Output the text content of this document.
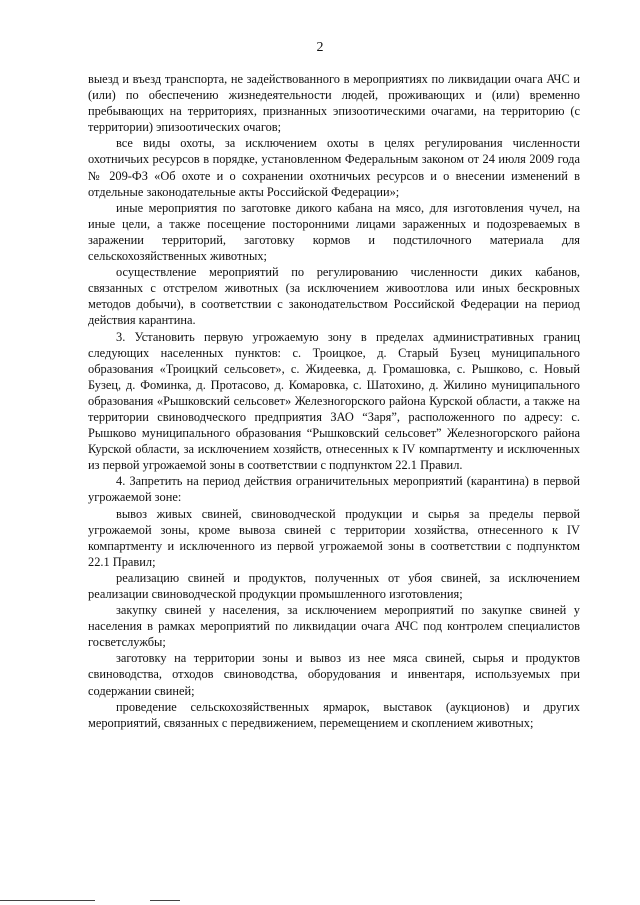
2

выезд и въезд транспорта, не задействованного в мероприятиях по ликвидации очага АЧС и (или) по обеспечению жизнедеятельности людей, проживающих и (или) временно пребывающих на территориях, признанных эпизоотическими очагами, на территорию (с территории) эпизоотических очагов;

все виды охоты, за исключением охоты в целях регулирования численности охотничьих ресурсов в порядке, установленном Федеральным законом от 24 июля 2009 года № 209-ФЗ «Об охоте и о сохранении охотничьих ресурсов и о внесении изменений в отдельные законодательные акты Российской Федерации»;

иные мероприятия по заготовке дикого кабана на мясо, для изготовления чучел, на иные цели, а также посещение посторонними лицами зараженных и подозреваемых в заражении территорий, заготовку кормов и подстилочного материала для сельскохозяйственных животных;

осуществление мероприятий по регулированию численности диких кабанов, связанных с отстрелом животных (за исключением живоотлова или иных бескровных методов добычи), в соответствии с законодательством Российской Федерации на период действия карантина.

3. Установить первую угрожаемую зону в пределах административных границ следующих населенных пунктов: с. Троицкое, д. Старый Бузец муниципального образования «Троицкий сельсовет», с. Жидеевка, д. Громашовка, с. Рышково, с. Новый Бузец, д. Фоминка, д. Протасово, д. Комаровка, с. Шатохино, д. Жилино муниципального образования «Рышковский сельсовет» Железногорского района Курской области, а также на территории свиноводческого предприятия ЗАО “Заря”, расположенного по адресу: с. Рышково муниципального образования “Рышковский сельсовет” Железногорского района Курской области, за исключением хозяйств, отнесенных к IV компартменту и исключенных из первой угрожаемой зоны в соответствии с подпунктом 22.1 Правил.

4. Запретить на период действия ограничительных мероприятий (карантина) в первой угрожаемой зоне:

вывоз живых свиней, свиноводческой продукции и сырья за пределы первой угрожаемой зоны, кроме вывоза свиней с территории хозяйства, отнесенного к IV компартменту и исключенного из первой угрожаемой зоны в соответствии с подпунктом 22.1 Правил;

реализацию свиней и продуктов, полученных от убоя свиней, за исключением реализации свиноводческой продукции промышленного изготовления;

закупку свиней у населения, за исключением мероприятий по закупке свиней у населения в рамках мероприятий по ликвидации очага АЧС под контролем специалистов госветслужбы;

заготовку на территории зоны и вывоз из нее мяса свиней, сырья и продуктов свиноводства, отходов свиноводства, оборудования и инвентаря, используемых при содержании свиней;

проведение сельскохозяйственных ярмарок, выставок (аукционов) и других мероприятий, связанных с передвижением, перемещением и скоплением животных;
